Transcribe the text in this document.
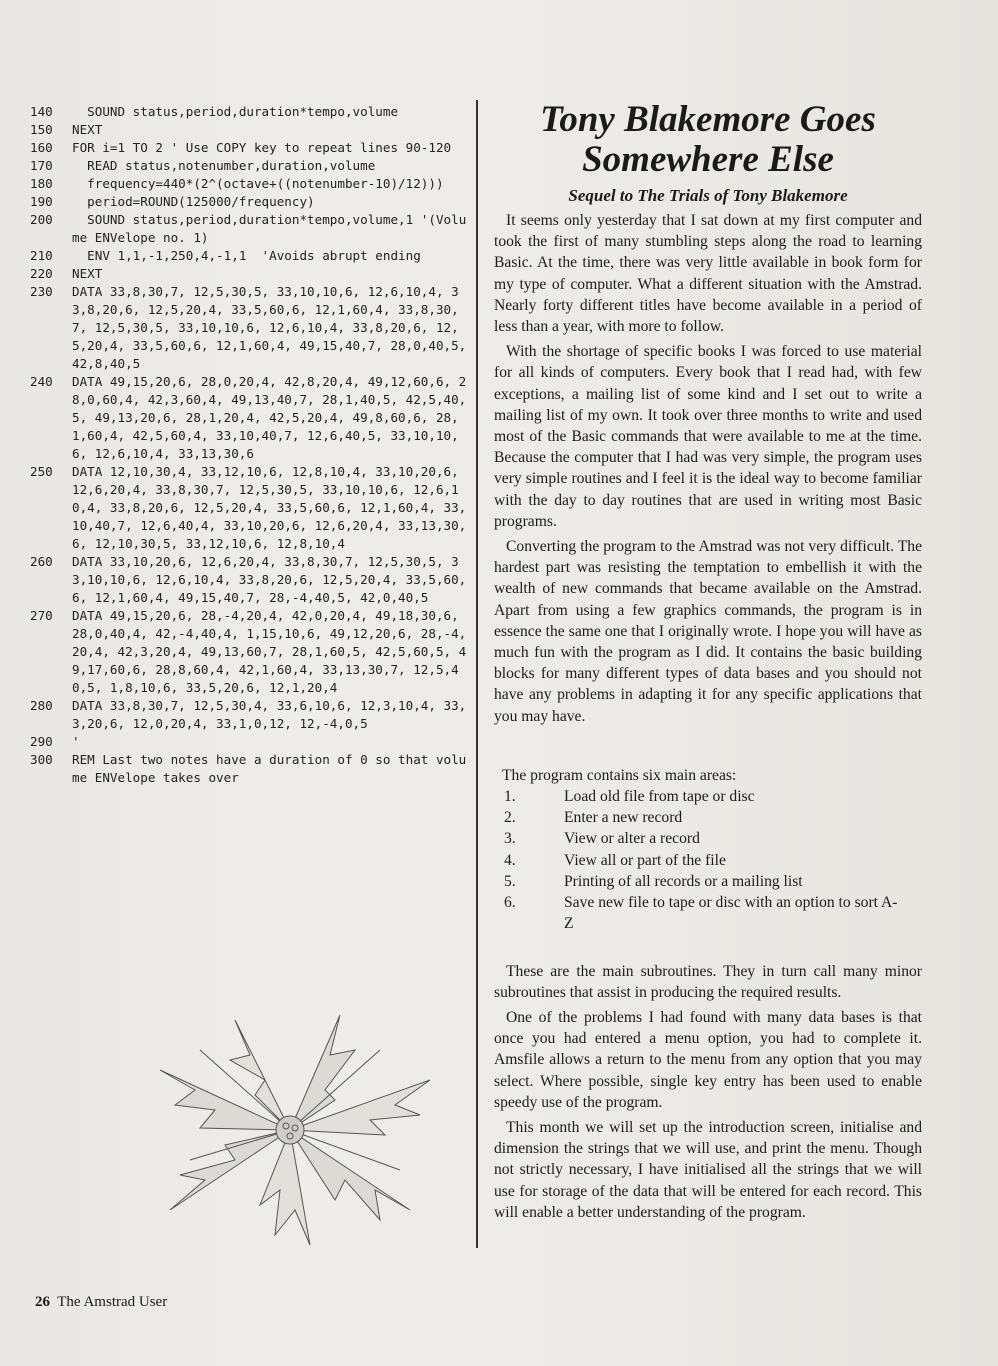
140	SOUND status,period,duration*tempo,volume
150	NEXT
160	FOR i=1 TO 2 ' Use COPY key to repeat lines 90-120
170	READ status,notenumber,duration,volume
180	frequency=440*(2^(octave+((notenumber-10)/12)))
190	period=ROUND(125000/frequency)
200	SOUND status,period,duration*tempo,volume,1 '(Volume ENVelope no. 1)
210	ENV 1,1,-1,250,4,-1,1  'Avoids abrupt ending
220	NEXT
230	DATA 33,8,30,7, 12,5,30,5, 33,10,10,6, 12,6,10,4, 33,8,20,6, 12,5,20,4, 33,5,60,6, 12,1,60,4, 33,8,30,7, 12,5,30,5, 33,10,10,6, 12,6,10,4, 33,8,20,6, 12,5,20,4, 33,5,60,6, 12,1,60,4, 49,15,40,7, 28,0,40,5, 42,8,40,5
240	DATA 49,15,20,6, 28,0,20,4, 42,8,20,4, 49,12,60,6, 28,0,60,4, 42,3,60,4, 49,13,40,7, 28,1,40,5, 42,5,40,5, 49,13,20,6, 28,1,20,4, 42,5,20,4, 49,8,60,6, 28,1,60,4, 42,5,60,4, 33,10,40,7, 12,6,40,5, 33,10,10,6, 12,6,10,4, 33,13,30,6
250	DATA 12,10,30,4, 33,12,10,6, 12,8,10,4, 33,10,20,6, 12,6,20,4, 33,8,30,7, 12,5,30,5, 33,10,10,6, 12,6,10,4, 33,8,20,6, 12,5,20,4, 33,5,60,6, 12,1,60,4, 33,10,40,7, 12,6,40,4, 33,10,20,6, 12,6,20,4, 33,13,30,6, 12,10,30,5, 33,12,10,6, 12,8,10,4
260	DATA 33,10,20,6, 12,6,20,4, 33,8,30,7, 12,5,30,5, 33,10,10,6, 12,6,10,4, 33,8,20,6, 12,5,20,4, 33,5,60,6, 12,1,60,4, 49,15,40,7, 28,-4,40,5, 42,0,40,5
270	DATA 49,15,20,6, 28,-4,20,4, 42,0,20,4, 49,18,30,6, 28,0,40,4, 42,-4,40,4, 1,15,10,6, 49,12,20,6, 28,-4,20,4, 42,3,20,4, 49,13,60,7, 28,1,60,5, 42,5,60,5, 49,17,60,6, 28,8,60,4, 42,1,60,4, 33,13,30,7, 12,5,40,5, 1,8,10,6, 33,5,20,6, 12,1,20,4
280	DATA 33,8,30,7, 12,5,30,4, 33,6,10,6, 12,3,10,4, 33,3,20,6, 12,0,20,4, 33,1,0,12, 12,-4,0,5
290	'
300	REM Last two notes have a duration of 0 so that volume ENVelope takes over
Tony Blakemore Goes Somewhere Else
Sequel to The Trials of Tony Blakemore

It seems only yesterday that I sat down at my first computer and took the first of many stumbling steps along the road to learning Basic. At the time, there was very little available in book form for my type of computer. What a different situation with the Amstrad. Nearly forty different titles have become available in a period of less than a year, with more to follow.

With the shortage of specific books I was forced to use material for all kinds of computers. Every book that I read had, with few exceptions, a mailing list of some kind and I set out to write a mailing list of my own. It took over three months to write and used most of the Basic commands that were available to me at the time. Because the computer that I had was very simple, the program uses very simple routines and I feel it is the ideal way to become familiar with the day to day routines that are used in writing most Basic programs.

Converting the program to the Amstrad was not very difficult. The hardest part was resisting the temptation to embellish it with the wealth of new commands that became available on the Amstrad. Apart from using a few graphics commands, the program is in essence the same one that I originally wrote. I hope you will have as much fun with the program as I did. It contains the basic building blocks for many different types of data bases and you should not have any problems in adapting it for any specific applications that you may have.

The program contains six main areas:
1.	Load old file from tape or disc
2.	Enter a new record
3.	View or alter a record
4.	View all or part of the file
5.	Printing of all records or a mailing list
6.	Save new file to tape or disc with an option to sort A-Z

These are the main subroutines. They in turn call many minor subroutines that assist in producing the required results.

One of the problems I had found with many data bases is that once you had entered a menu option, you had to complete it. Amsfile allows a return to the menu from any option that you may select. Where possible, single key entry has been used to enable speedy use of the program.

This month we will set up the introduction screen, initialise and dimension the strings that we will use, and print the menu. Though not strictly necessary, I have initialised all the strings that we will use for storage of the data that will be entered for each record. This will enable a better understanding of the program.

26 The Amstrad User
